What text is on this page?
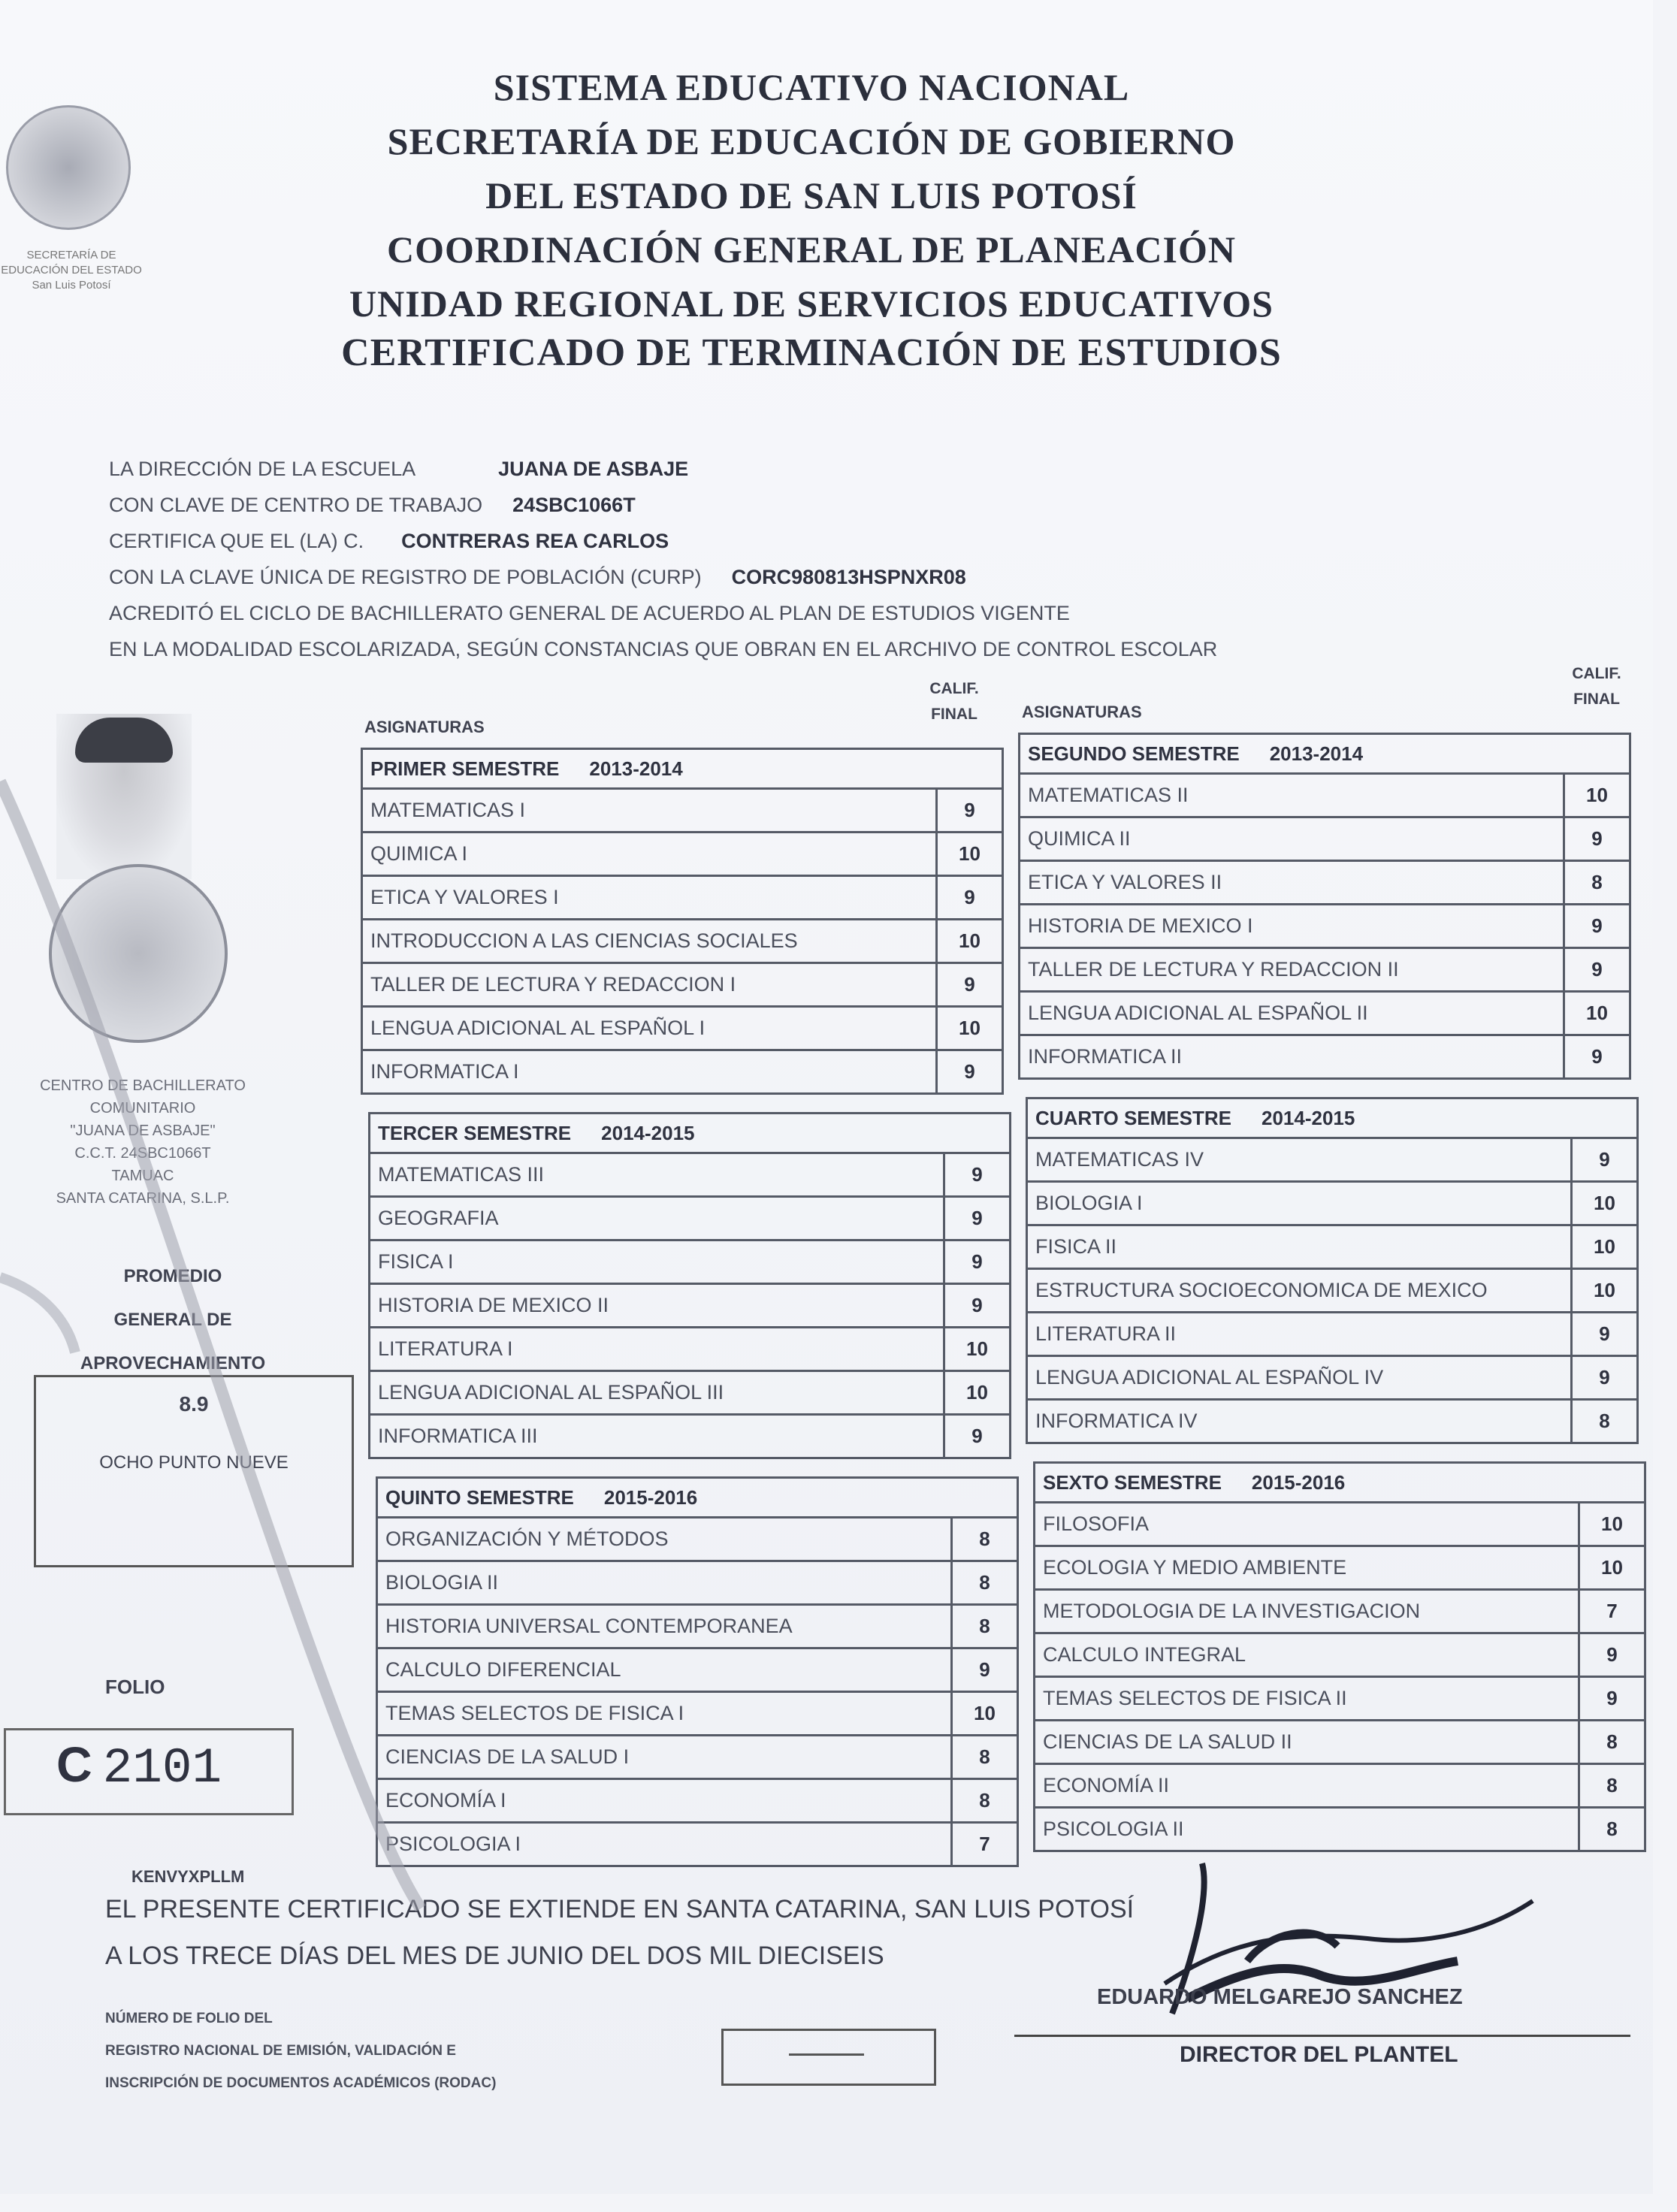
SECRETARÍA DE EDUCACIÓN DEL ESTADO San Luis Potosí
SISTEMA EDUCATIVO NACIONAL
SECRETARÍA DE EDUCACIÓN DE GOBIERNO
DEL ESTADO DE SAN LUIS POTOSÍ
COORDINACIÓN GENERAL DE PLANEACIÓN
UNIDAD REGIONAL DE SERVICIOS EDUCATIVOS
CERTIFICADO DE TERMINACIÓN DE ESTUDIOS
LA DIRECCIÓN DE LA ESCUELA	JUANA DE ASBAJE
CON CLAVE DE CENTRO DE TRABAJO 24SBC1066T
CERTIFICA QUE EL (LA) C. CONTRERAS REA CARLOS
CON LA CLAVE ÚNICA DE REGISTRO DE POBLACIÓN (CURP) CORC980813HSPNXR08
ACREDITÓ EL CICLO DE BACHILLERATO GENERAL DE ACUERDO AL PLAN DE ESTUDIOS VIGENTE
EN LA MODALIDAD ESCOLARIZADA, SEGÚN CONSTANCIAS QUE OBRAN EN EL ARCHIVO DE CONTROL ESCOLAR
CENTRO DE BACHILLERATO
COMUNITARIO
"JUANA DE ASBAJE"
C.C.T. 24SBC1066T
TAMUAC
SANTA CATARINA, S.L.P.
PROMEDIO
GENERAL DE
APROVECHAMIENTO
8.9
OCHO PUNTO NUEVE
FOLIO
C 2101
KENVYXPLLM
ASIGNATURAS
CALIF.
FINAL	ASIGNATURAS
CALIF.
FINAL
PRIMER SEMESTRE 2013-2014
MATEMATICAS I	9
QUIMICA I	10
ETICA Y VALORES I	9
INTRODUCCION A LAS CIENCIAS SOCIALES	10
TALLER DE LECTURA Y REDACCION I	9
LENGUA ADICIONAL AL ESPAÑOL I	10
INFORMATICA I	9
SEGUNDO SEMESTRE 2013-2014
MATEMATICAS II	10
QUIMICA II	9
ETICA Y VALORES II	8
HISTORIA DE MEXICO I	9
TALLER DE LECTURA Y REDACCION II	9
LENGUA ADICIONAL AL ESPAÑOL II	10
INFORMATICA II	9
TERCER SEMESTRE 2014-2015
MATEMATICAS III	9
GEOGRAFIA	9
FISICA I	9
HISTORIA DE MEXICO II	9
LITERATURA I	10
LENGUA ADICIONAL AL ESPAÑOL III	10
INFORMATICA III	9
CUARTO SEMESTRE 2014-2015
MATEMATICAS IV	9
BIOLOGIA I	10
FISICA II	10
ESTRUCTURA SOCIOECONOMICA DE MEXICO	10
LITERATURA II	9
LENGUA ADICIONAL AL ESPAÑOL IV	9
INFORMATICA IV	8
QUINTO SEMESTRE 2015-2016
ORGANIZACIÓN Y MÉTODOS	8
BIOLOGIA II	8
HISTORIA UNIVERSAL CONTEMPORANEA	8
CALCULO DIFERENCIAL	9
TEMAS SELECTOS DE FISICA I	10
CIENCIAS DE LA SALUD I	8
ECONOMÍA I	8
PSICOLOGIA I	7
SEXTO SEMESTRE 2015-2016
FILOSOFIA	10
ECOLOGIA Y MEDIO AMBIENTE	10
METODOLOGIA DE LA INVESTIGACION	7
CALCULO INTEGRAL	9
TEMAS SELECTOS DE FISICA II	9
CIENCIAS DE LA SALUD II	8
ECONOMÍA II	8
PSICOLOGIA II	8
EL PRESENTE CERTIFICADO SE EXTIENDE EN SANTA CATARINA, SAN LUIS POTOSÍ
A LOS TRECE DÍAS DEL MES DE JUNIO DEL DOS MIL DIECISEIS
NÚMERO DE FOLIO DEL
REGISTRO NACIONAL DE EMISIÓN, VALIDACIÓN E
INSCRIPCIÓN DE DOCUMENTOS ACADÉMICOS (RODAC)
EDUARDO MELGAREJO SANCHEZ
DIRECTOR DEL PLANTEL
